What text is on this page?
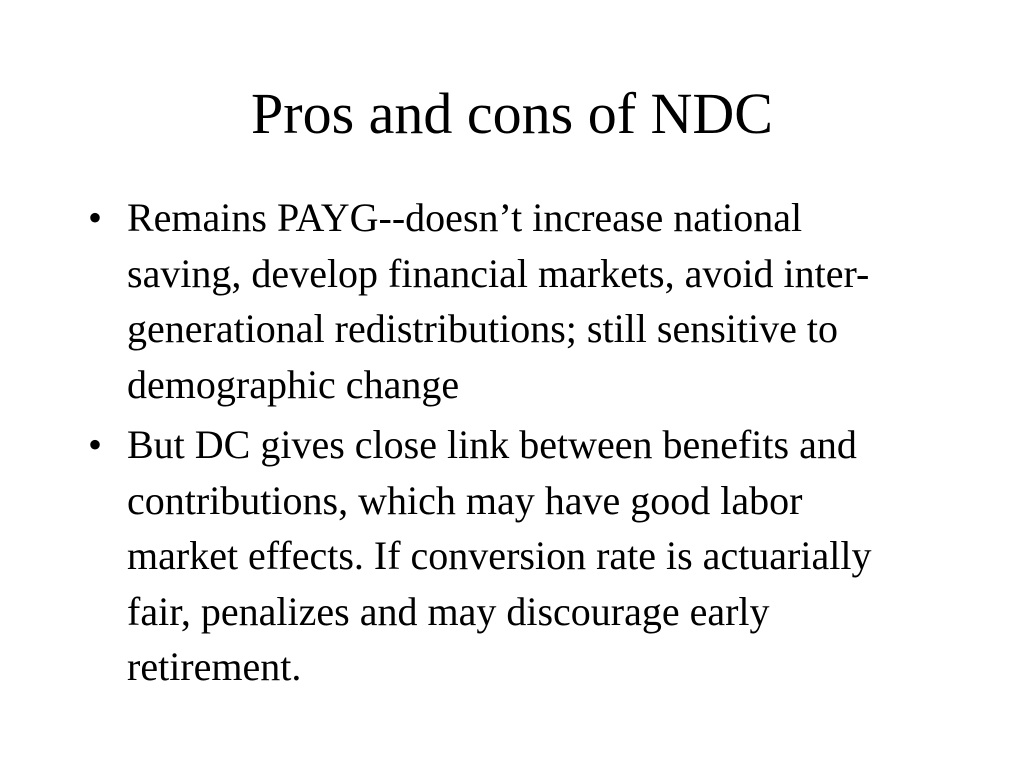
Pros and cons of NDC
• Remains PAYG--doesn’t increase national saving, develop financial markets, avoid inter-generational redistributions; still sensitive to demographic change
• But DC gives close link between benefits and contributions, which may have good labor market effects. If conversion rate is actuarially fair, penalizes and may discourage early retirement.
